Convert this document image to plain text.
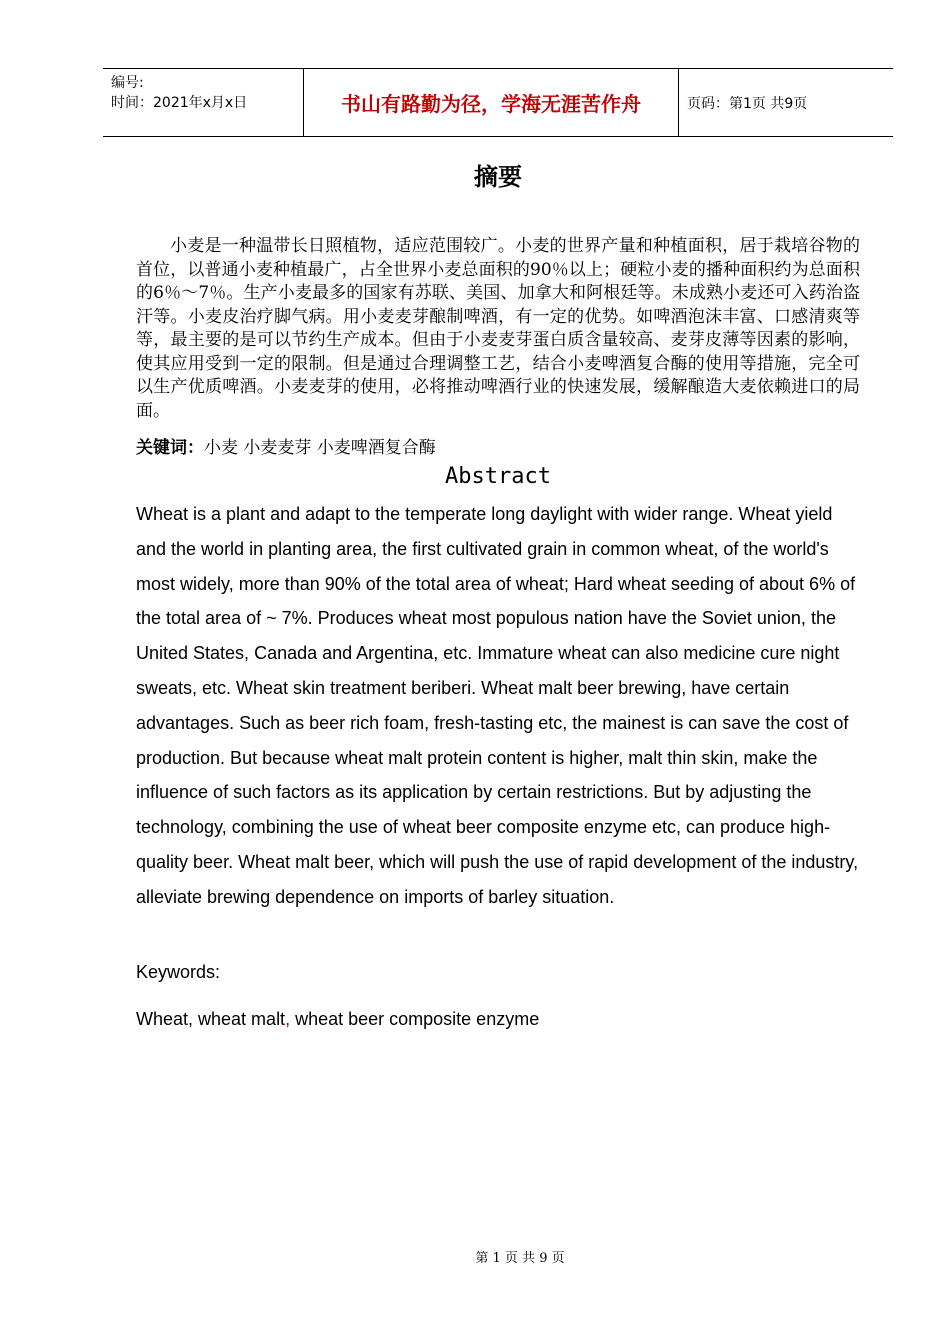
编号:
时间：2021年x月x日	书山有路勤为径，学海无涯苦作舟	页码：第1页 共9页
摘要

小麦是一种温带长日照植物，适应范围较广。小麦的世界产量和种植面积，居于栽培谷物的首位，以普通小麦种植最广，占全世界小麦总面积的90％以上；硬粒小麦的播种面积约为总面积的6％～7％。生产小麦最多的国家有苏联、美国、加拿大和阿根廷等。未成熟小麦还可入药治盗汗等。小麦皮治疗脚气病。用小麦麦芽酿制啤酒，有一定的优势。如啤酒泡沫丰富、口感清爽等等，最主要的是可以节约生产成本。但由于小麦麦芽蛋白质含量较高、麦芽皮薄等因素的影响，使其应用受到一定的限制。但是通过合理调整工艺，结合小麦啤酒复合酶的使用等措施，完全可以生产优质啤酒。小麦麦芽的使用，必将推动啤酒行业的快速发展，缓解酿造大麦依赖进口的局面。

关键词：小麦 小麦麦芽 小麦啤酒复合酶
Abstract

Wheat is a plant and adapt to the temperate long daylight with wider range. Wheat yield and the world in planting area, the first cultivated grain in common wheat, of the world's most widely, more than 90% of the total area of wheat; Hard wheat seeding of about 6% of the total area of ~ 7%. Produces wheat most populous nation have the Soviet union, the United States, Canada and Argentina, etc. Immature wheat can also medicine cure night sweats, etc. Wheat skin treatment beriberi. Wheat malt beer brewing, have certain advantages. Such as beer rich foam, fresh-tasting etc, the mainest is can save the cost of production. But because wheat malt protein content is higher, malt thin skin, make the influence of such factors as its application by certain restrictions. But by adjusting the technology, combining the use of wheat beer composite enzyme etc, can produce high-quality beer. Wheat malt beer, which will push the use of rapid development of the industry, alleviate brewing dependence on imports of barley situation.

Keywords:
Wheat, wheat malt, wheat beer composite enzyme
第 1 页 共 9 页
